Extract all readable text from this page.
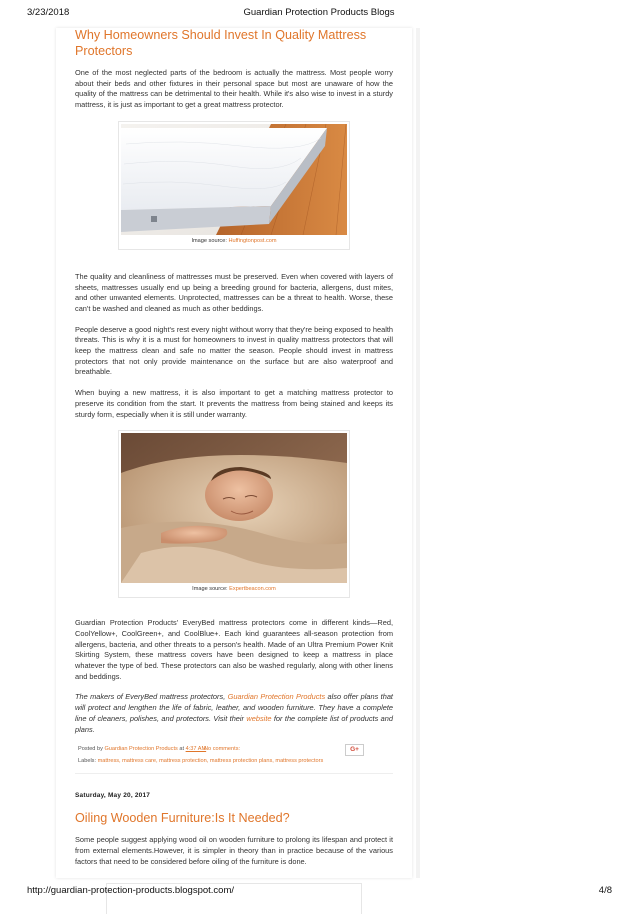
3/23/2018	Guardian Protection Products Blogs
Why Homeowners Should Invest In Quality Mattress Protectors

One of the most neglected parts of the bedroom is actually the mattress. Most people worry about their beds and other fixtures in their personal space but most are unaware of how the quality of the mattress can be detrimental to their health. While it's also wise to invest in a sturdy mattress, it is just as important to get a great mattress protector.

Image source: Huffingtonpost.com

The quality and cleanliness of mattresses must be preserved. Even when covered with layers of sheets, mattresses usually end up being a breeding ground for bacteria, allergens, dust mites, and other unwanted elements. Unprotected, mattresses can be a threat to health. Worse, these can't be washed and cleaned as much as other beddings.

People deserve a good night's rest every night without worry that they're being exposed to health threats. This is why it is a must for homeowners to invest in quality mattress protectors that will keep the mattress clean and safe no matter the season. People should invest in mattress protectors that not only provide maintenance on the surface but are also waterproof and breathable.

When buying a new mattress, it is also important to get a matching mattress protector to preserve its condition from the start. It prevents the mattress from being stained and keeps its sturdy form, especially when it is still under warranty.

Image source: Expertbeacon.com

Guardian Protection Products' EveryBed mattress protectors come in different kinds—Red, CoolYellow+, CoolGreen+, and CoolBlue+. Each kind guarantees all-season protection from allergens, bacteria, and other threats to a person's health. Made of an Ultra Premium Power Knit Skirting System, these mattress covers have been designed to keep a mattress in place whatever the type of bed. These protectors can also be washed regularly, along with other linens and beddings.

The makers of EveryBed mattress protectors, Guardian Protection Products also offer plans that will protect and lengthen the life of fabric, leather, and wooden furniture. They have a complete line of cleaners, polishes, and protectors. Visit their website for the complete list of products and plans.

Posted by Guardian Protection Products at 4:37 AM
No comments:	G+
Labels: mattress, mattress care, mattress protection, mattress protection plans, mattress protectors
Saturday, May 20, 2017
Oiling Wooden Furniture:Is It Needed?

Some people suggest applying wood oil on wooden furniture to prolong its lifespan and protect it from external elements.However, it is simpler in theory than in practice because of the various factors that need to be considered before oiling of the furniture is done.

http://guardian-protection-products.blogspot.com/	4/8
